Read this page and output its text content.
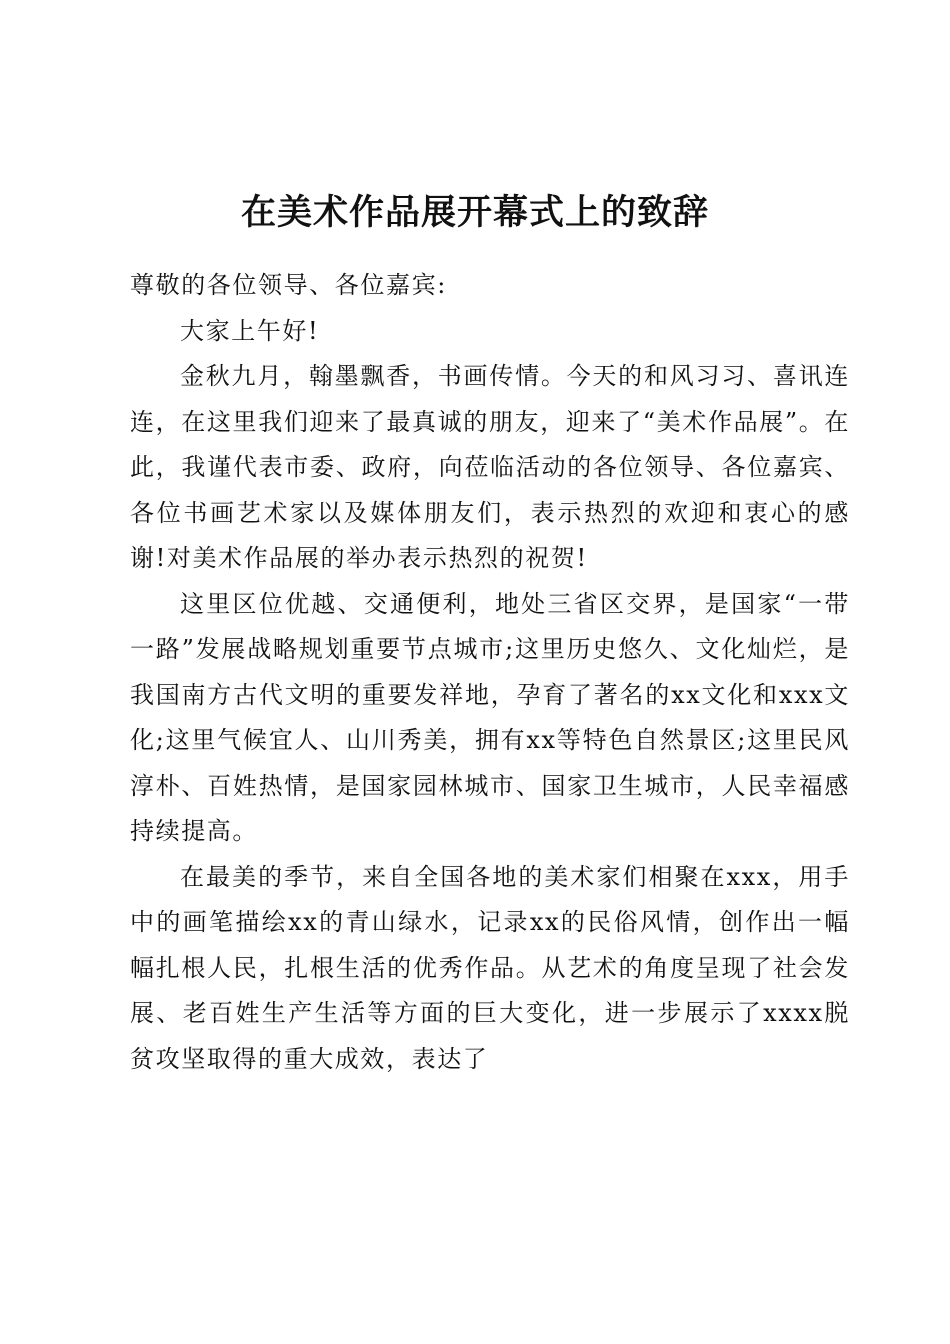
在美术作品展开幕式上的致辞

尊敬的各位领导、各位嘉宾:

大家上午好!

金秋九月，翰墨飘香，书画传情。今天的和风习习、喜讯连连，在这里我们迎来了最真诚的朋友，迎来了“美术作品展”。在此，我谨代表市委、政府，向莅临活动的各位领导、各位嘉宾、各位书画艺术家以及媒体朋友们，表示热烈的欢迎和衷心的感谢!对美术作品展的举办表示热烈的祝贺!

这里区位优越、交通便利，地处三省区交界，是国家“一带一路”发展战略规划重要节点城市;这里历史悠久、文化灿烂，是我国南方古代文明的重要发祥地，孕育了著名的xx文化和xxx文化;这里气候宜人、山川秀美，拥有xx等特色自然景区;这里民风淳朴、百姓热情，是国家园林城市、国家卫生城市，人民幸福感持续提高。

在最美的季节，来自全国各地的美术家们相聚在xxx，用手中的画笔描绘xx的青山绿水，记录xx的民俗风情，创作出一幅幅扎根人民，扎根生活的优秀作品。从艺术的角度呈现了社会发展、老百姓生产生活等方面的巨大变化，进一步展示了xxxx脱贫攻坚取得的重大成效，表达了
